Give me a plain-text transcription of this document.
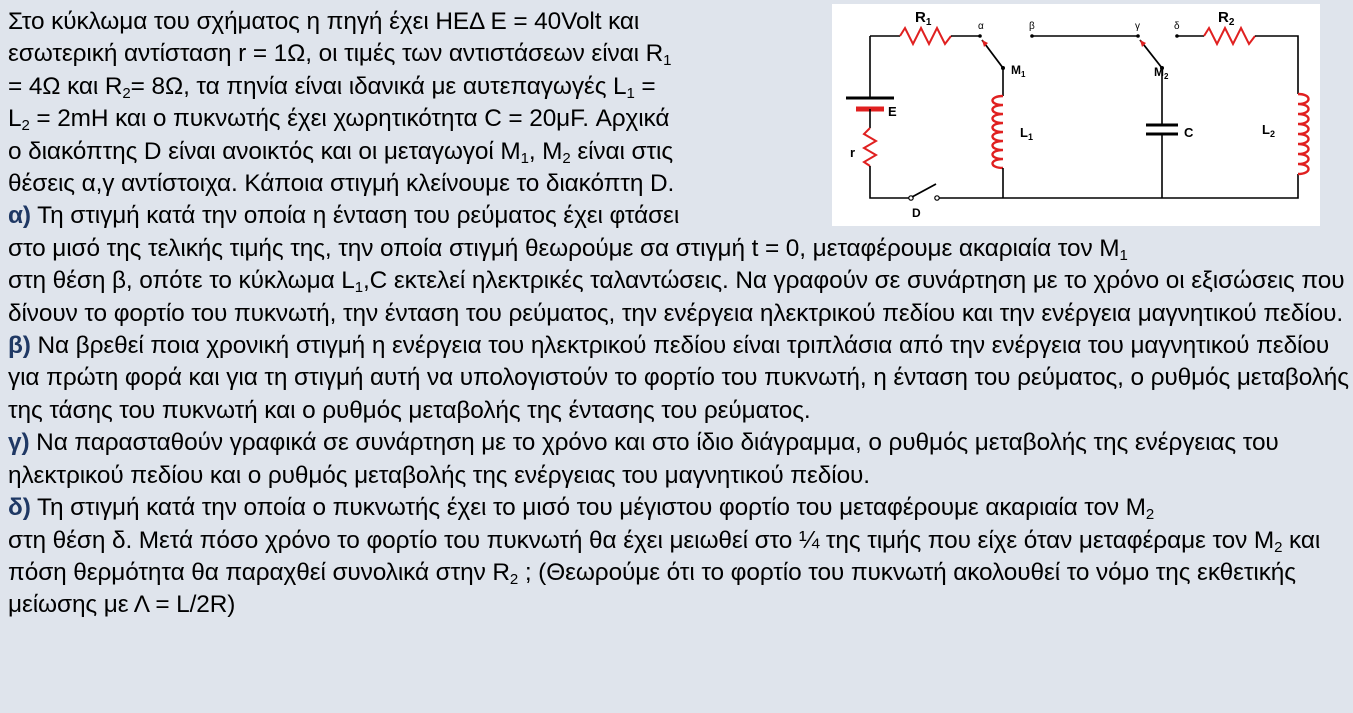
Στο κύκλωμα του σχήματος η πηγή έχει ΗΕΔ Ε = 40Volt και
εσωτερική αντίσταση r = 1Ω, οι τιμές των αντιστάσεων είναι $R_1$
= 4Ω και $R_2= 8\Omega$, τα πηνία είναι ιδανικά με αυτεπαγωγές $L_1$ =
$L_2 = 2mH$ και ο πυκνωτής έχει χωρητικότητα C = 20μF. Αρχικά
ο διακόπτης D είναι ανοικτός και οι μεταγωγοί $M_1$, $M_2$ είναι στις
θέσεις α,γ αντίστοιχα. Κάποια στιγμή κλείνουμε το διακόπτη D.

α) Τη στιγμή κατά την οποία η ένταση του ρεύματος έχει φτάσει
στο μισό της τελικής τιμής της, την οποία στιγμή θεωρούμε σα στιγμή t = 0, μεταφέρουμε ακαριαία τον $M_1$
στη θέση β, οπότε το κύκλωμα $L_1,C$ εκτελεί ηλεκτρικές ταλαντώσεις. Να γραφούν σε συνάρτηση με το χρόνο οι εξισώσεις που δίνουν το φορτίο του πυκνωτή, την ένταση του ρεύματος, την ενέργεια ηλεκτρικού πεδίου και την ενέργεια μαγνητικού πεδίου.

β) Να βρεθεί ποια χρονική στιγμή η ενέργεια του ηλεκτρικού πεδίου είναι τριπλάσια από την ενέργεια του μαγνητικού πεδίου για πρώτη φορά και για τη στιγμή αυτή να υπολογιστούν το φορτίο του πυκνωτή, η ένταση του ρεύματος, ο ρυθμός μεταβολής της τάσης του πυκνωτή και ο ρυθμός μεταβολής της έντασης του ρεύματος.

γ) Να παρασταθούν γραφικά σε συνάρτηση με το χρόνο και στο ίδιο διάγραμμα, ο ρυθμός μεταβολής της ενέργειας του ηλεκτρικού πεδίου και ο ρυθμός μεταβολής της ενέργειας του μαγνητικού πεδίου.

δ) Τη στιγμή κατά την οποία ο πυκνωτής έχει το μισό του μέγιστου φορτίο του μεταφέρουμε ακαριαία τον $M_2$
στη θέση δ. Μετά πόσο χρόνο το φορτίο του πυκνωτή θα έχει μειωθεί στο ¼ της τιμής που είχε όταν μεταφέραμε τον $M_2$ και πόση θερμότητα θα παραχθεί συνολικά στην $R_2$ ; (Θεωρούμε ότι το φορτίο του πυκνωτή ακολουθεί το νόμο της εκθετικής μείωσης με Λ = L/2R)

$R_1$	$R_2$
α	β	γ	δ
$M_1$	$M_2$
E
r
$L_1$	C	$L_2$
D
